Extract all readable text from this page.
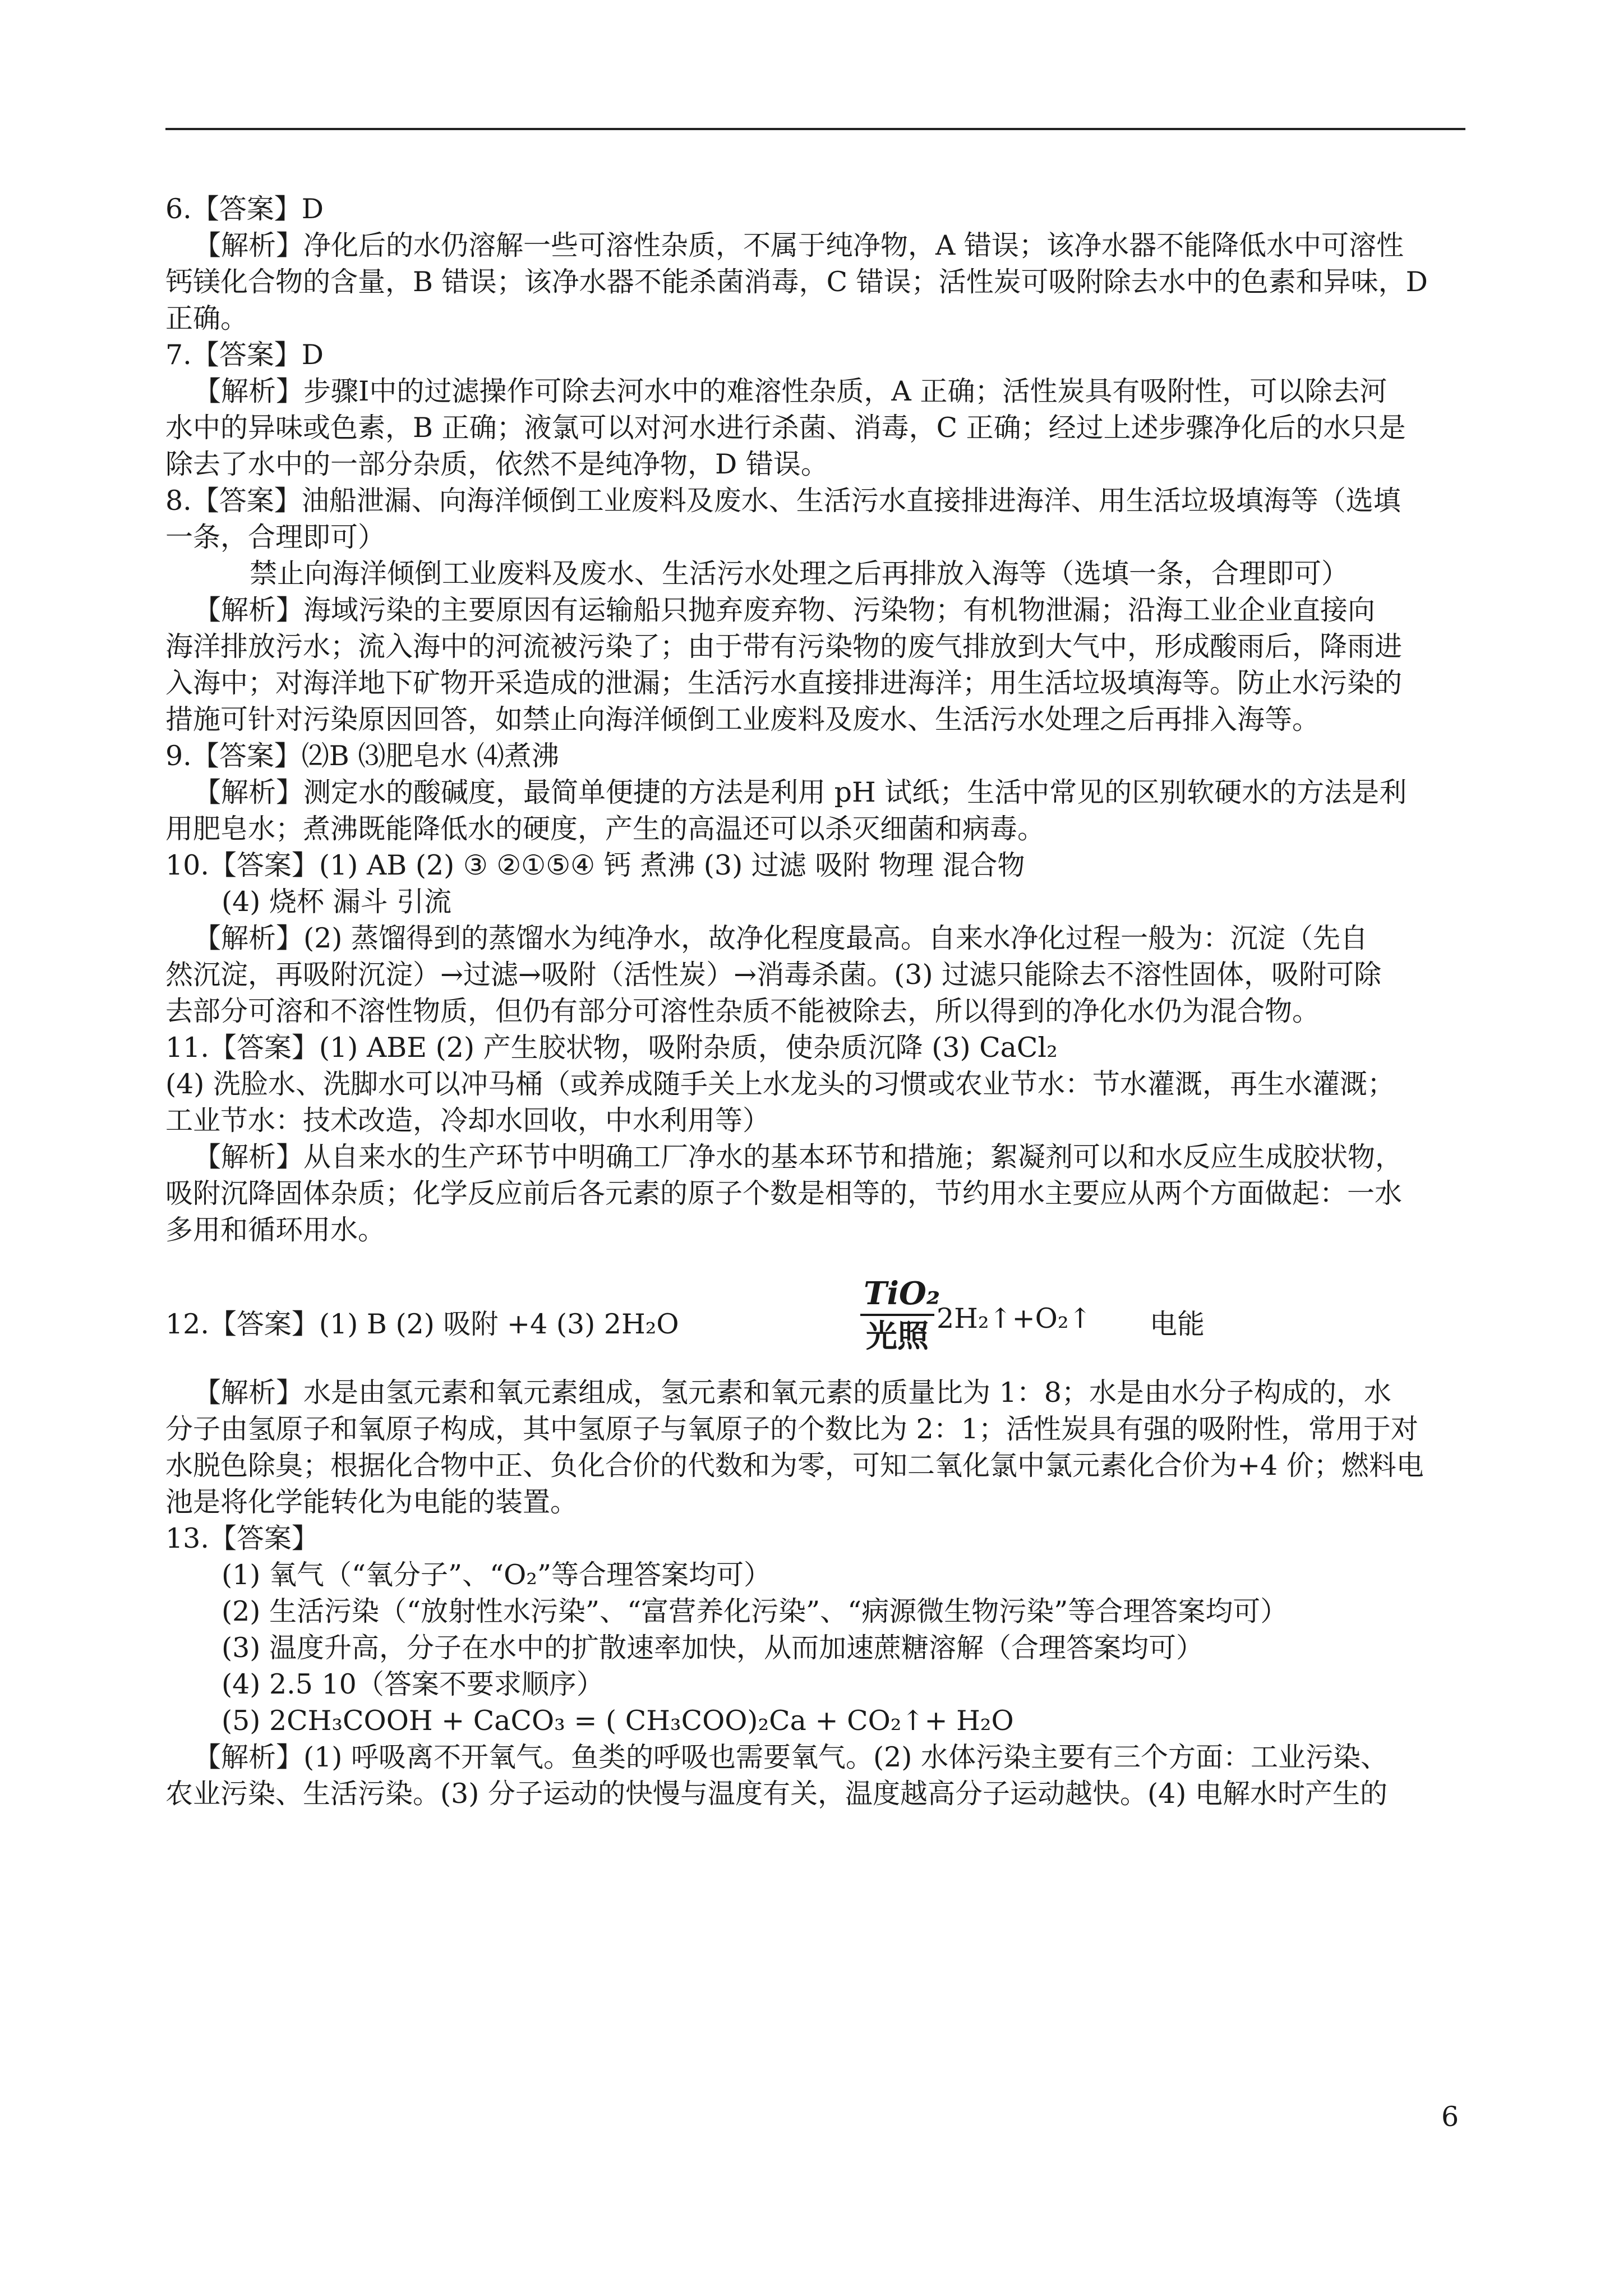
6.【答案】D
【解析】净化后的水仍溶解一些可溶性杂质，不属于纯净物，A 错误；该净水器不能降低水中可溶性
钙镁化合物的含量，B 错误；该净水器不能杀菌消毒，C 错误；活性炭可吸附除去水中的色素和异味，D
正确。
7.【答案】D
【解析】步骤Ⅰ中的过滤操作可除去河水中的难溶性杂质，A 正确；活性炭具有吸附性，可以除去河
水中的异味或色素，B 正确；液氯可以对河水进行杀菌、消毒，C 正确；经过上述步骤净化后的水只是
除去了水中的一部分杂质，依然不是纯净物，D 错误。
8.【答案】油船泄漏、向海洋倾倒工业废料及废水、生活污水直接排进海洋、用生活垃圾填海等（选填
一条，合理即可）
禁止向海洋倾倒工业废料及废水、生活污水处理之后再排放入海等（选填一条，合理即可）
【解析】海域污染的主要原因有运输船只抛弃废弃物、污染物；有机物泄漏；沿海工业企业直接向
海洋排放污水；流入海中的河流被污染了；由于带有污染物的废气排放到大气中，形成酸雨后，降雨进
入海中；对海洋地下矿物开采造成的泄漏；生活污水直接排进海洋；用生活垃圾填海等。防止水污染的
措施可针对污染原因回答，如禁止向海洋倾倒工业废料及废水、生活污水处理之后再排入海等。
9.【答案】⑵B ⑶肥皂水 ⑷煮沸
【解析】测定水的酸碱度，最简单便捷的方法是利用 pH 试纸；生活中常见的区别软硬水的方法是利
用肥皂水；煮沸既能降低水的硬度，产生的高温还可以杀灭细菌和病毒。
10.【答案】(1) AB (2) ③ ②①⑤④ 钙 煮沸 (3) 过滤 吸附 物理 混合物
(4) 烧杯 漏斗 引流
【解析】(2) 蒸馏得到的蒸馏水为纯净水，故净化程度最高。自来水净化过程一般为：沉淀（先自
然沉淀，再吸附沉淀）→过滤→吸附（活性炭）→消毒杀菌。(3) 过滤只能除去不溶性固体，吸附可除
去部分可溶和不溶性物质，但仍有部分可溶性杂质不能被除去，所以得到的净化水仍为混合物。
11.【答案】(1) ABE (2) 产生胶状物，吸附杂质，使杂质沉降 (3) CaCl₂
(4) 洗脸水、洗脚水可以冲马桶（或养成随手关上水龙头的习惯或农业节水：节水灌溉，再生水灌溉；
工业节水：技术改造，冷却水回收，中水利用等）
【解析】从自来水的生产环节中明确工厂净水的基本环节和措施；絮凝剂可以和水反应生成胶状物，
吸附沉降固体杂质；化学反应前后各元素的原子个数是相等的，节约用水主要应从两个方面做起：一水
多用和循环用水。
12.【答案】(1) B (2) 吸附 +4 (3) 2H₂O
TiO₂
光照 2H₂↑+O₂↑ 电能
【解析】水是由氢元素和氧元素组成，氢元素和氧元素的质量比为 1：8；水是由水分子构成的，水
分子由氢原子和氧原子构成，其中氢原子与氧原子的个数比为 2：1；活性炭具有强的吸附性，常用于对
水脱色除臭；根据化合物中正、负化合价的代数和为零，可知二氧化氯中氯元素化合价为+4 价；燃料电
池是将化学能转化为电能的装置。
13.【答案】
(1) 氧气（“氧分子”、“O₂”等合理答案均可）
(2) 生活污染（“放射性水污染”、“富营养化污染”、“病源微生物污染”等合理答案均可）
(3) 温度升高，分子在水中的扩散速率加快，从而加速蔗糖溶解（合理答案均可）
(4) 2.5 10（答案不要求顺序）
(5) 2CH₃COOH + CaCO₃ = ( CH₃COO)₂Ca + CO₂↑+ H₂O
【解析】(1) 呼吸离不开氧气。鱼类的呼吸也需要氧气。(2) 水体污染主要有三个方面：工业污染、
农业污染、生活污染。(3) 分子运动的快慢与温度有关，温度越高分子运动越快。(4) 电解水时产生的
6
